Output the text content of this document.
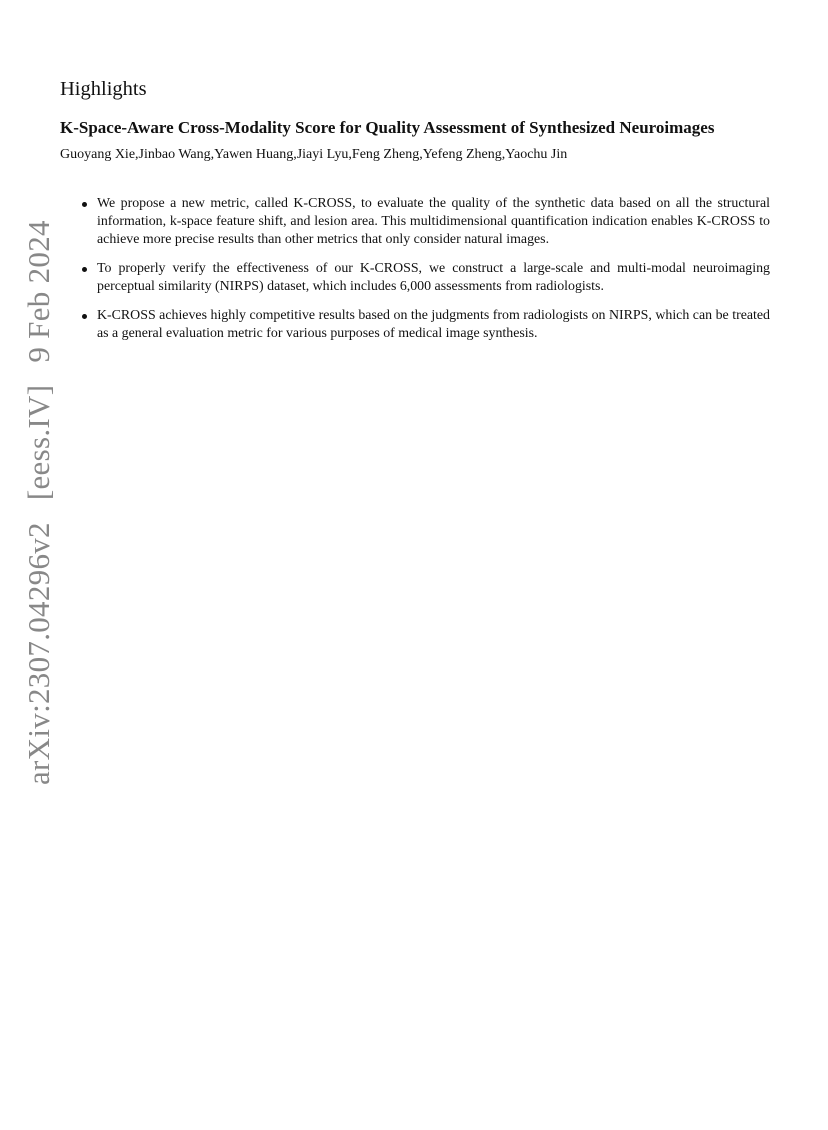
arXiv:2307.04296v2[eess.IV]9 Feb 2024
Highlights
K-Space-Aware Cross-Modality Score for Quality Assessment of Synthesized Neuroimages

Guoyang Xie,Jinbao Wang,Yawen Huang,Jiayi Lyu,Feng Zheng,Yefeng Zheng,Yaochu Jin

We propose a new metric, called K-CROSS, to evaluate the quality of the synthetic data based on all the structural information, k-space feature shift, and lesion area. This multidimensional quantification indication enables K-CROSS to achieve more precise results than other metrics that only consider natural images.
To properly verify the effectiveness of our K-CROSS, we construct a large-scale and multi-modal neuroimaging perceptual similarity (NIRPS) dataset, which includes 6,000 assessments from radiologists.
K-CROSS achieves highly competitive results based on the judgments from radiologists on NIRPS, which can be treated as a general evaluation metric for various purposes of medical image synthesis.
